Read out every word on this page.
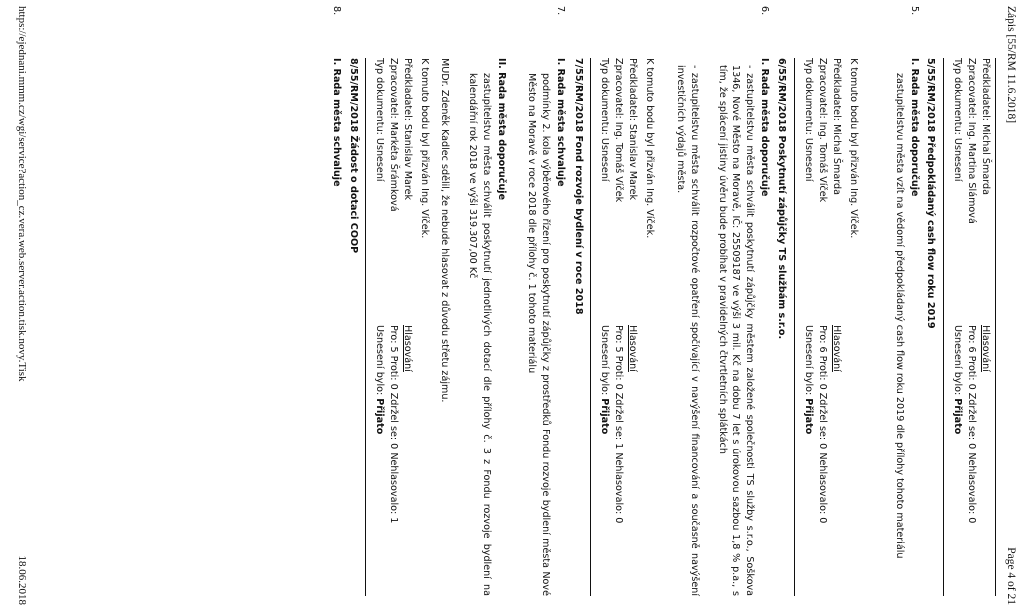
Zápis [55/RM 11.6.2018]
Page 4 of 21
Předkladatel: Michal Šmarda
Zpracovatel: Ing. Martina Slámová
Typ dokumentu: Usnesení
Hlasování
Pro: 6 Proti: 0 Zdržel se: 0 Nehlasovalo: 0
Usnesení bylo: Přijato
5.
5/55/RM/2018 Předpokládaný cash flow roku 2019
I. Rada města doporučuje
zastupitelstvu města vzít na vědomí předpokládaný cash flow roku 2019 dle přílohy tohoto materiálu
K tomuto bodu byl přizván Ing. Víček.
Předkladatel: Michal Šmarda
Zpracovatel: Ing. Tomáš Víček
Typ dokumentu: Usnesení
Hlasování
Pro: 6 Proti: 0 Zdržel se: 0 Nehlasovalo: 0
Usnesení bylo: Přijato
6.
6/55/RM/2018 Poskytnutí zápůjčky TS službám s.r.o.
I. Rada města doporučuje
- zastupitelstvu města schválit poskytnutí zápůjčky městem založené společnosti TS služby s.r.o., Soškova 1346, Nové Město na Moravě, IČ: 25509187 ve výši 3 mil. Kč na dobu 7 let s úrokovou sazbou 1,8 % p.a., s tím, že splácení jistiny úvěru bude probíhat v pravidelných čtvrtletních splátkách
- zastupitelstvu města schválit rozpočtové opatření spočívající v navýšení financování a současně navýšení investičních výdajů města.
K tomuto bodu byl přizván Ing. Víček.
Předkladatel: Stanislav Marek
Zpracovatel: Ing. Tomáš Víček
Typ dokumentu: Usnesení
Hlasování
Pro: 5 Proti: 0 Zdržel se: 1 Nehlasovalo: 0
Usnesení bylo: Přijato
7.
7/55/RM/2018 Fond rozvoje bydlení v roce 2018
I. Rada města schvaluje
podmínky 2. kola výběrového řízení pro poskytnutí zápůjčky z prostředků Fondu rozvoje bydlení města Nové Město na Moravě v roce 2018 dle přílohy č. 1 tohoto materiálu
II. Rada města doporučuje
zastupitelstvu města schválit poskytnutí jednotlivých dotací dle přílohy č. 3 z Fondu rozvoje bydlení na kalendářní rok 2018 ve výši 319.307,00 Kč
MUDr. Zdeněk Kadlec sdělil, že nebude hlasovat z důvodu střetu zájmu.
K tomuto bodu byl přizván Ing. Víček.
Předkladatel: Stanislav Marek
Zpracovatel: Markéta Šrámková
Typ dokumentu: Usnesení
Hlasování
Pro: 5 Proti: 0 Zdržel se: 0 Nehlasovalo: 1
Usnesení bylo: Přijato
8.
8/55/RM/2018 Žádost o dotaci COOP
I. Rada města schvaluje
https://ejednani.mmm.cz/wgi/service?action_cz.vera.web.server.action.tisk.novy.Tisk
18.06.2018
